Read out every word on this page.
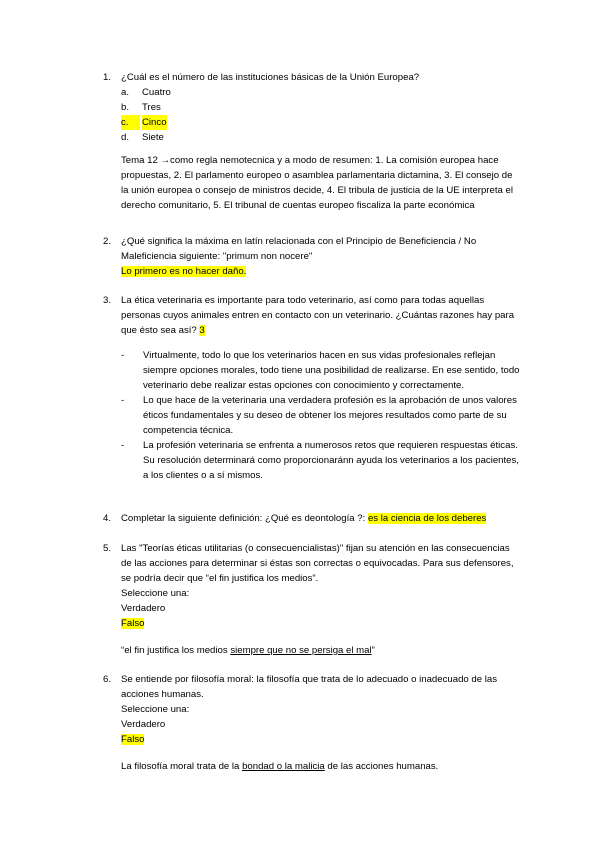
1.	¿Cuál es el número de las instituciones básicas de la Unión Europea?

a. Cuatro
b. Tres
c.	Cinco
d. Siete

Tema 12 →como regla nemotecnica y a modo de resumen: 1. La comisión europea hace propuestas, 2. El parlamento europeo o asamblea parlamentaria dictamina, 3. El consejo de la unión europea o consejo de ministros decide, 4. El tribula de justicia de la UE interpreta el derecho comunitario, 5. El tribunal de cuentas europeo fiscaliza la parte económica

2.	¿Qué significa la máxima en latín relacionada con el Principio de Beneficiencia / No Maleficiencia siguiente: "primum non nocere"

Lo primero es no hacer daño.

3.	La ética veterinaria es importante para todo veterinario, así como para todas aquellas personas cuyos animales entren en contacto con un veterinario. ¿Cuántas razones hay para que ésto sea así? 3

- Virtualmente, todo lo que los veterinarios hacen en sus vidas profesionales reflejan siempre opciones morales, todo tiene una posibilidad de realizarse. En ese sentido, todo veterinario debe realizar estas opciones con conocimiento y correctamente.
- Lo que hace de la veterinaria una verdadera profesión es la aprobación de unos valores éticos fundamentales y su deseo de obtener los mejores resultados como parte de su competencia técnica.
- La profesión veterinaria se enfrenta a numerosos retos que requieren respuestas éticas. Su resolución determinará como proporcionaránn ayuda los veterinarios a los pacientes, a los clientes o a sí mismos.
4.	Completar la siguiente definición: ¿Qué es deontología ?: es la ciencia de los deberes

5.	Las "Teorías éticas utilitarias (o consecuencialistas)" fijan su atención en las consecuencias de las acciones para determinar si éstas son correctas o equivocadas. Para sus defensores, se podría decir que “el fin justifica los medios”.

Seleccione una:

Verdadero

Falso

“el fin justifica los medios siempre que no se persiga el mal”

6.	Se entiende por filosofía moral: la filosofía que trata de lo adecuado o inadecuado de las acciones humanas.

Seleccione una:

Verdadero

Falso

La filosofía moral trata de la bondad o la malicia de las acciones humanas.
